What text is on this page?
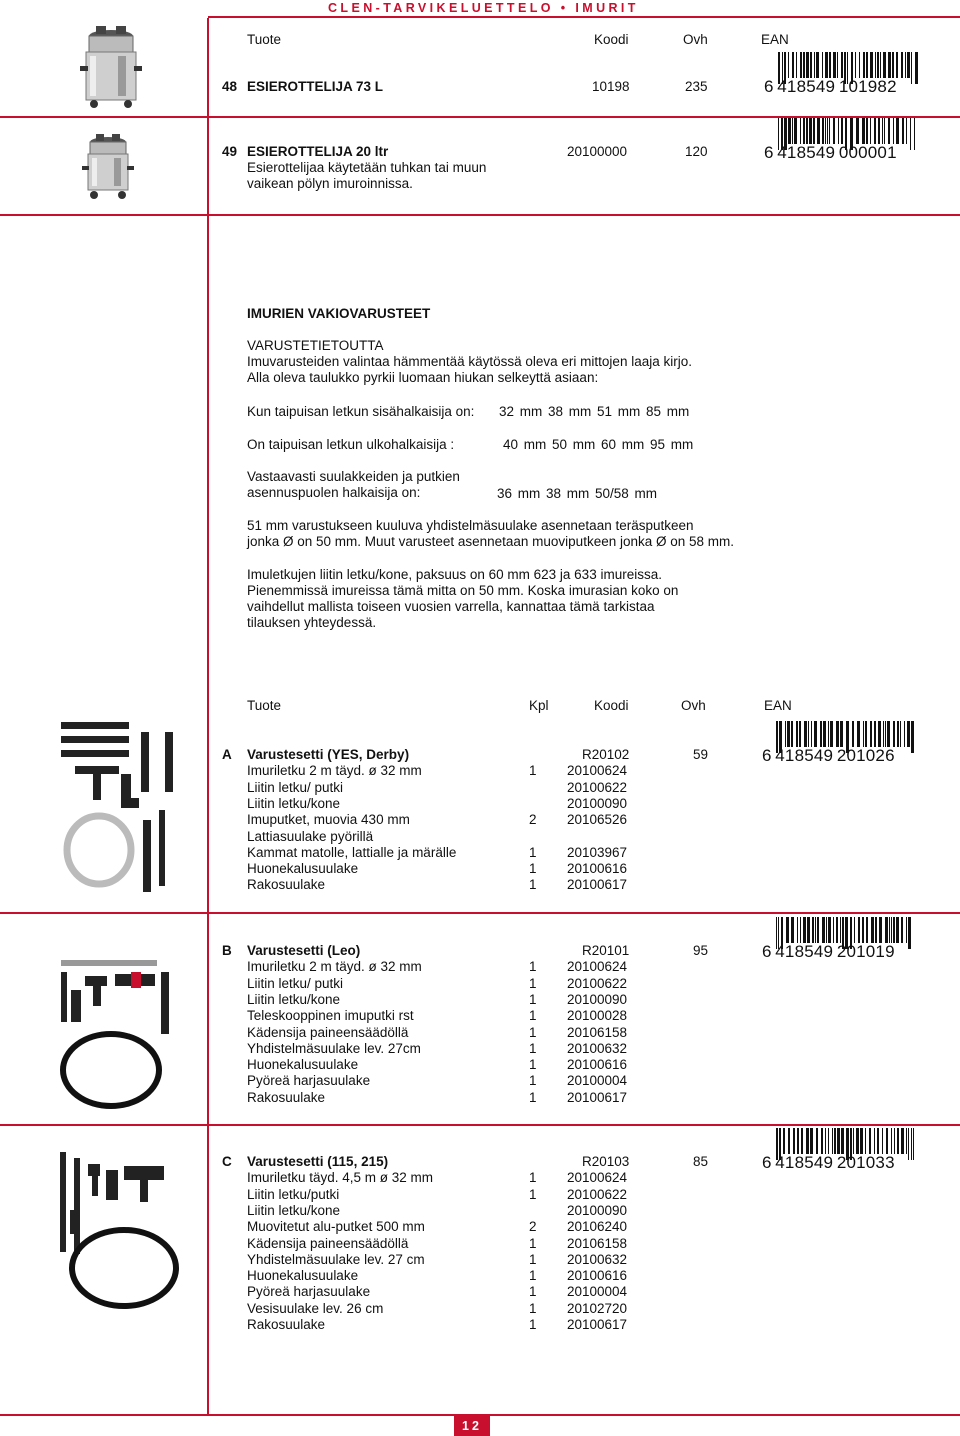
CLEN-TARVIKELUETTELO • IMURIT
Tuote	Koodi	Ovh	EAN
48 ESIEROTTELIJA 73 L	10198	235	6  418549  101982
49 ESIEROTTELIJA 20 ltr	20100000	120
Esierottelijaa käytetään tuhkan tai muun
vaikean pölyn imuroinnissa.
6  418549  000001
IMURIEN VAKIOVARUSTEET
VARUSTETIETOUTTA
Imuvarusteiden valintaa hämmentää käytössä oleva eri mittojen laaja kirjo.
Alla oleva taulukko pyrkii luomaan hiukan selkeyttä asiaan:
Kun taipuisan letkun sisähalkaisija on: 32 mm 38 mm 51 mm 85 mm
On taipuisan letkun ulkohalkaisija :	40 mm 50 mm 60 mm 95 mm
Vastaavasti suulakkeiden ja putkien
asennuspuolen halkaisija on:	36 mm 38 mm 50/58 mm
51 mm varustukseen kuuluva yhdistelmäsuulake asennetaan teräsputkeen
jonka Ø on 50 mm. Muut varusteet asennetaan muoviputkeen jonka Ø on 58 mm.
Imuletkujen liitin letku/kone, paksuus on 60 mm 623 ja 633 imureissa.
Pienemmissä imureissa tämä mitta on 50 mm. Koska imurasian koko on
vaihdellut mallista toiseen vuosien varrella, kannattaa tämä tarkistaa
tilauksen yhteydessä.
Tuote	Kpl	Koodi	Ovh	EAN
A Varustesetti (YES, Derby)	R20102	59
Imuriletku 2 m täyd. ø 32 mm	1 20100624
Liitin letku/ putki	20100622
Liitin letku/kone	20100090
Imuputket, muovia 430 mm	2 20106526
Lattiasuulake pyörillä
Kammat matolle, lattialle ja märälle	1 20103967
Huonekalusuulake	1 20100616
Rakosuulake	1 20100617
6  418549  201026
B Varustesetti (Leo)	R20101	95
Imuriletku 2 m täyd. ø 32 mm	1 20100624
Liitin letku/ putki	1 20100622
Liitin letku/kone	1 20100090
Teleskooppinen imuputki rst	1 20100028
Kädensija paineensäädöllä	1 20106158
Yhdistelmäsuulake lev. 27cm	1 20100632
Huonekalusuulake	1 20100616
Pyöreä harjasuulake	1 20100004
Rakosuulake	1 20100617
6  418549  201019
C Varustesetti (115, 215)	R20103	85
Imuriletku täyd. 4,5 m ø 32 mm	1 20100624
Liitin letku/putki	1 20100622
Liitin letku/kone	20100090
Muovitetut alu-putket 500 mm	2 20106240
Kädensija paineensäädöllä	1 20106158
Yhdistelmäsuulake lev. 27 cm	1 20100632
Huonekalusuulake	1 20100616
Pyöreä harjasuulake	1 20100004
Vesisuulake lev. 26 cm	1 20102720
Rakosuulake	1 20100617
6  418549  201033
12
